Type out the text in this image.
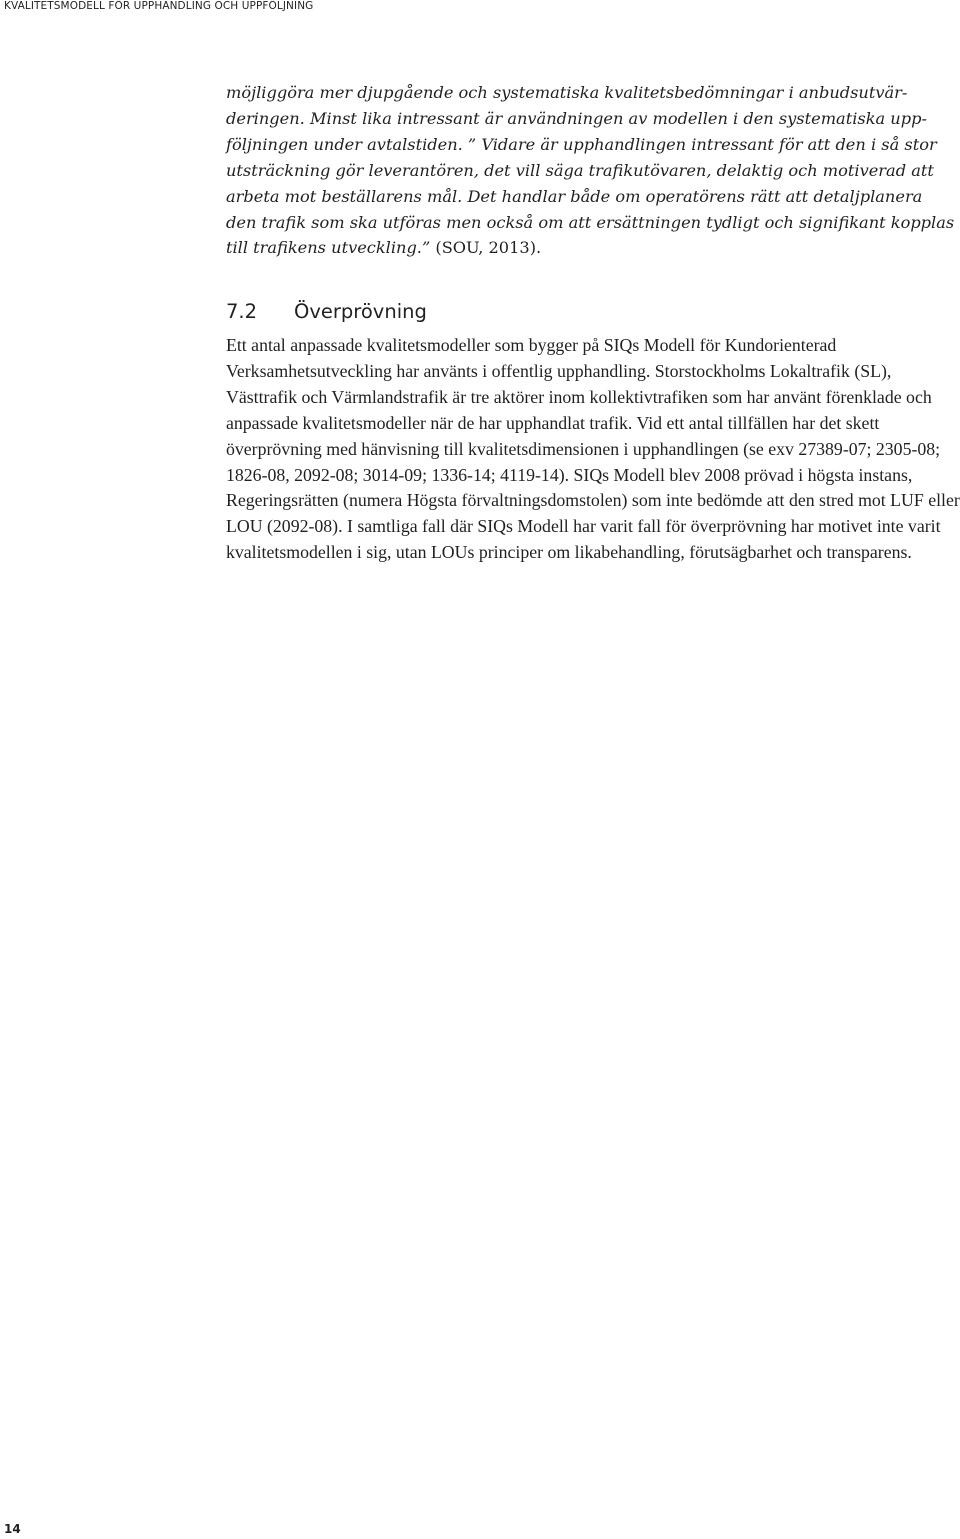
KVALITETSMODELL FÖR UPPHANDLING OCH UPPFÖLJNING

möjliggöra mer djupgående och systematiska kvalitetsbedömningar i anbudsutvärderingen. Minst lika intressant är användningen av modellen i den systematiska uppföljningen under avtalstiden. ” Vidare är upphandlingen intressant för att den i så stor utsträckning gör leverantören, det vill säga trafikutövaren, delaktig och motiverad att arbeta mot beställarens mål. Det handlar både om operatörens rätt att detaljplanera den trafik som ska utföras men också om att ersättningen tydligt och signifikant kopplas till trafikens utveckling.” (SOU, 2013).

7.2 Överprövning

Ett antal anpassade kvalitetsmodeller som bygger på SIQs Modell för Kundorienterad Verksamhetsutveckling har använts i offentlig upphandling. Storstockholms Lokaltrafik (SL), Västtrafik och Värmlandstrafik är tre aktörer inom kollektivtrafiken som har använt förenklade och anpassade kvalitetsmodeller när de har upphandlat trafik. Vid ett antal tillfällen har det skett överprövning med hänvisning till kvalitetsdimensionen i upphandlingen (se exv 27389-07; 2305-08; 1826-08, 2092-08; 3014-09; 1336-14; 4119-14). SIQs Modell blev 2008 prövad i högsta instans, Regeringsrätten (numera Högsta förvaltningsdomstolen) som inte bedömde att den stred mot LUF eller LOU (2092-08). I samtliga fall där SIQs Modell har varit fall för överprövning har motivet inte varit kvalitetsmodellen i sig, utan LOUs principer om likabehandling, förutsägbarhet och transparens.

14
